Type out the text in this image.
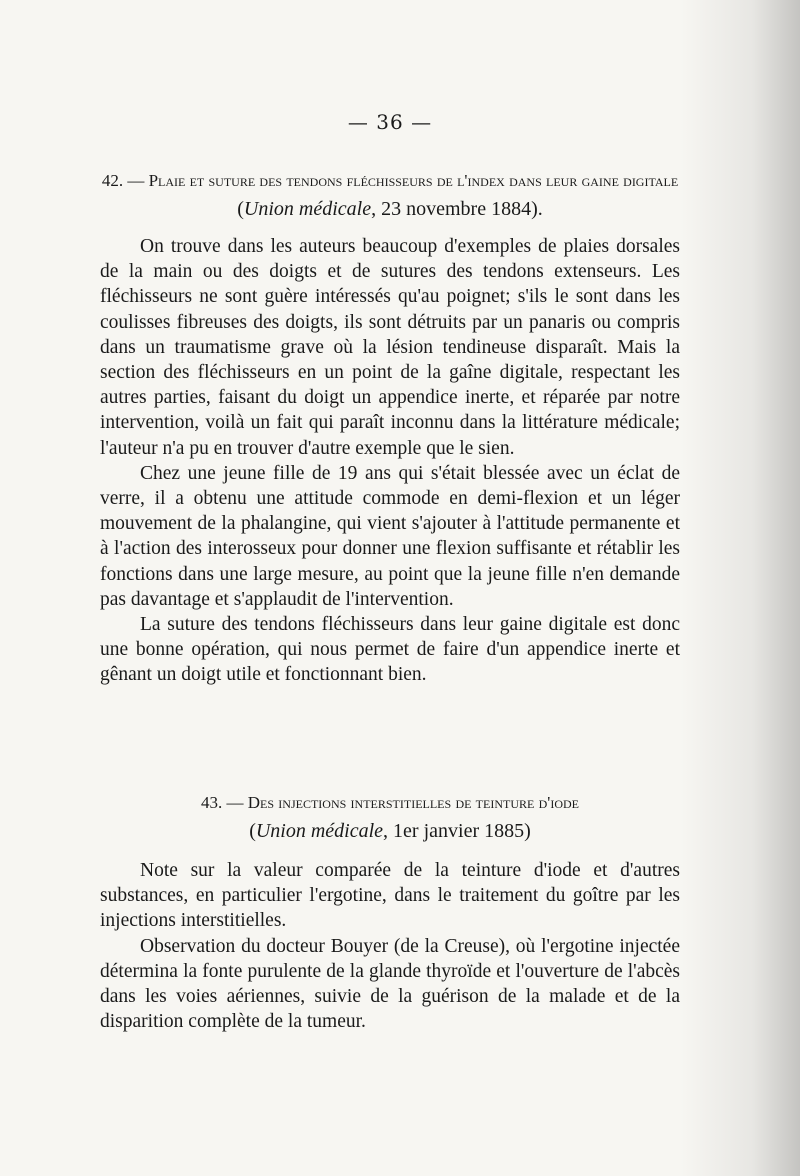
— 36 —
42. — Plaie et suture des tendons fléchisseurs de l'index dans leur gaine digitale
(Union médicale, 23 novembre 1884).

On trouve dans les auteurs beaucoup d'exemples de plaies dorsales de la main ou des doigts et de sutures des tendons extenseurs. Les fléchisseurs ne sont guère intéressés qu'au poignet; s'ils le sont dans les coulisses fibreuses des doigts, ils sont détruits par un panaris ou compris dans un traumatisme grave où la lésion tendineuse disparaît. Mais la section des fléchisseurs en un point de la gaîne digitale, respectant les autres parties, faisant du doigt un appendice inerte, et réparée par notre intervention, voilà un fait qui paraît inconnu dans la littérature médicale; l'auteur n'a pu en trouver d'autre exemple que le sien.

Chez une jeune fille de 19 ans qui s'était blessée avec un éclat de verre, il a obtenu une attitude commode en demi-flexion et un léger mouvement de la phalangine, qui vient s'ajouter à l'attitude permanente et à l'action des interosseux pour donner une flexion suffisante et rétablir les fonctions dans une large mesure, au point que la jeune fille n'en demande pas davantage et s'applaudit de l'intervention.

La suture des tendons fléchisseurs dans leur gaine digitale est donc une bonne opération, qui nous permet de faire d'un appendice inerte et gênant un doigt utile et fonctionnant bien.

43. — Des injections interstitielles de teinture d'iode
(Union médicale, 1er janvier 1885)

Note sur la valeur comparée de la teinture d'iode et d'autres substances, en particulier l'ergotine, dans le traitement du goître par les injections interstitielles.

Observation du docteur Bouyer (de la Creuse), où l'ergotine injectée détermina la fonte purulente de la glande thyroïde et l'ouverture de l'abcès dans les voies aériennes, suivie de la guérison de la malade et de la disparition complète de la tumeur.
